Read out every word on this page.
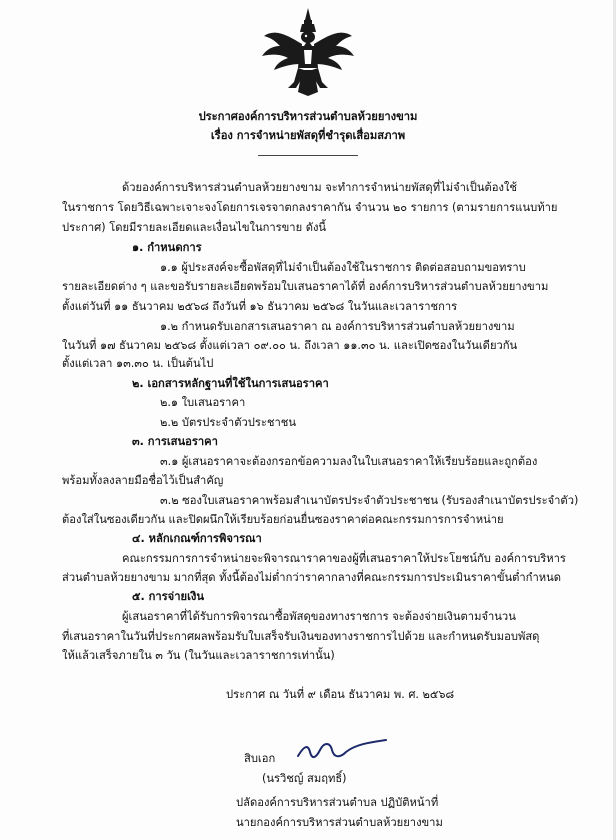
ประกาศองค์การบริหารส่วนตำบลห้วยยางขาม
เรื่อง การจำหน่ายพัสดุที่ชำรุดเสื่อมสภาพ
ด้วยองค์การบริหารส่วนตำบลห้วยยางขาม จะทำการจำหน่ายพัสดุที่ไม่จำเป็นต้องใช้
ในราชการ โดยวิธีเฉพาะเจาะจงโดยการเจรจาตกลงราคากัน จำนวน ๒๐ รายการ (ตามรายการแนบท้าย
ประกาศ) โดยมีรายละเอียดและเงื่อนไขในการขาย ดังนี้
๑. กำหนดการ
๑.๑ ผู้ประสงค์จะซื้อพัสดุที่ไม่จำเป็นต้องใช้ในราชการ ติดต่อสอบถามขอทราบ
รายละเอียดต่าง ๆ และขอรับรายละเอียดพร้อมใบเสนอราคาได้ที่ องค์การบริหารส่วนตำบลห้วยยางขาม
ตั้งแต่วันที่ ๑๑ ธันวาคม ๒๕๖๘ ถึงวันที่ ๑๖ ธันวาคม ๒๕๖๘ ในวันและเวลาราชการ
๑.๒ กำหนดรับเอกสารเสนอราคา ณ องค์การบริหารส่วนตำบลห้วยยางขาม
ในวันที่ ๑๗ ธันวาคม ๒๕๖๘ ตั้งแต่เวลา ๐๙.๐๐ น. ถึงเวลา ๑๑.๓๐ น. และเปิดซองในวันเดียวกัน
ตั้งแต่เวลา ๑๓.๓๐ น. เป็นต้นไป
๒. เอกสารหลักฐานที่ใช้ในการเสนอราคา
๒.๑ ใบเสนอราคา
๒.๒ บัตรประจำตัวประชาชน
๓. การเสนอราคา
๓.๑ ผู้เสนอราคาจะต้องกรอกข้อความลงในใบเสนอราคาให้เรียบร้อยและถูกต้อง
พร้อมทั้งลงลายมือชื่อไว้เป็นสำคัญ
๓.๒ ซองใบเสนอราคาพร้อมสำเนาบัตรประจำตัวประชาชน (รับรองสำเนาบัตรประจำตัว)
ต้องใส่ในซองเดียวกัน และปิดผนึกให้เรียบร้อยก่อนยื่นซองราคาต่อคณะกรรมการการจำหน่าย
๔. หลักเกณฑ์การพิจารณา
คณะกรรมการการจำหน่ายจะพิจารณาราคาของผู้ที่เสนอราคาให้ประโยชน์กับ องค์การบริหาร
ส่วนตำบลห้วยยางขาม มากที่สุด ทั้งนี้ต้องไม่ต่ำกว่าราคากลางที่คณะกรรมการประเมินราคาขั้นต่ำกำหนด
๕. การจ่ายเงิน
ผู้เสนอราคาที่ได้รับการพิจารณาซื้อพัสดุของทางราชการ จะต้องจ่ายเงินตามจำนวน
ที่เสนอราคาในวันที่ประกาศผลพร้อมรับใบเสร็จรับเงินของทางราชการไปด้วย และกำหนดรับมอบพัสดุ
ให้แล้วเสร็จภายใน ๓ วัน (ในวันและเวลาราชการเท่านั้น)
ประกาศ ณ วันที่ ๙ เดือน ธันวาคม พ. ศ. ๒๕๖๘
สิบเอก
(นรวิชญ์ สมฤทธิ์)
ปลัดองค์การบริหารส่วนตำบล ปฏิบัติหน้าที่
นายกองค์การบริหารส่วนตำบลห้วยยางขาม
